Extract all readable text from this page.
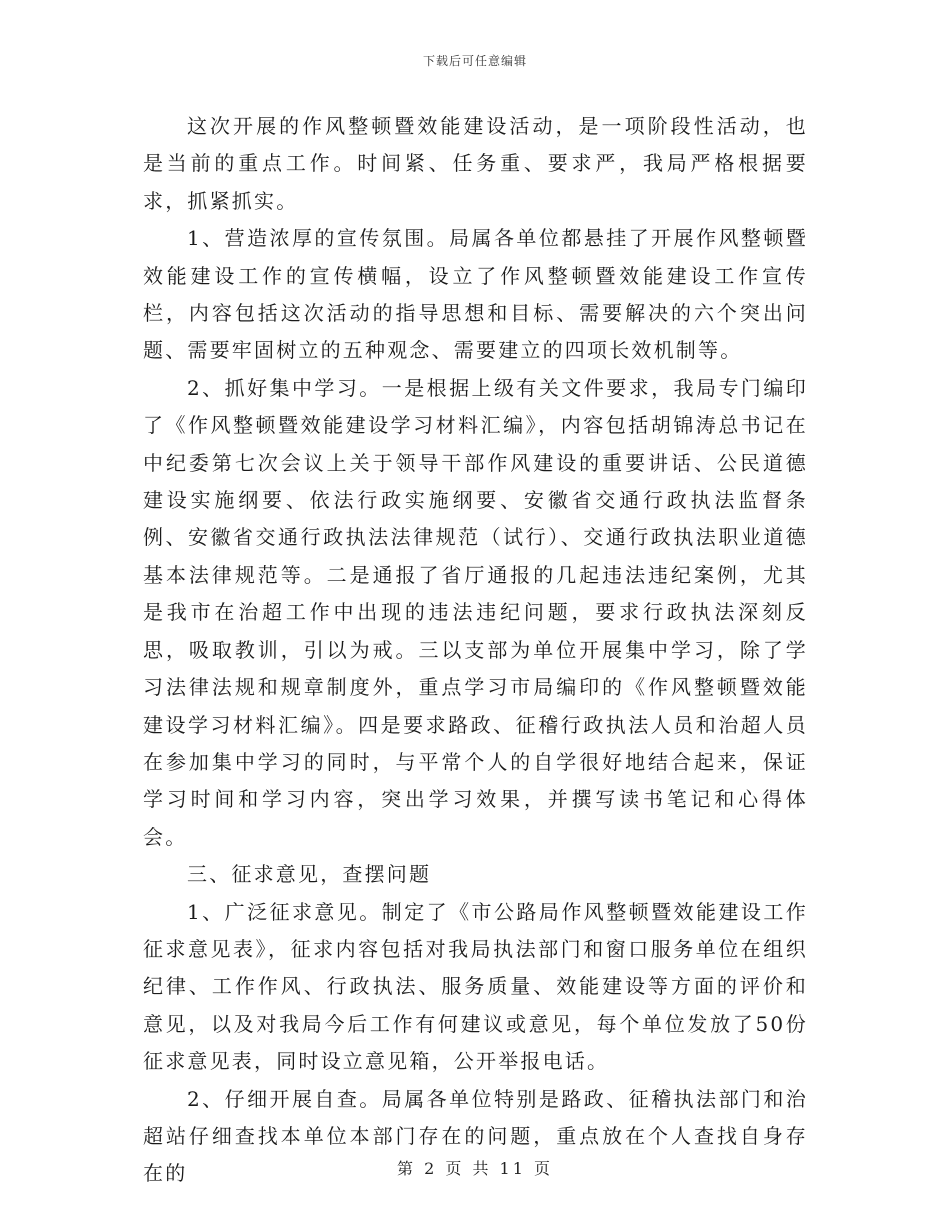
下载后可任意编辑

这次开展的作风整顿暨效能建设活动，是一项阶段性活动，也是当前的重点工作。时间紧、任务重、要求严，我局严格根据要求，抓紧抓实。

1、营造浓厚的宣传氛围。局属各单位都悬挂了开展作风整顿暨效能建设工作的宣传横幅，设立了作风整顿暨效能建设工作宣传栏，内容包括这次活动的指导思想和目标、需要解决的六个突出问题、需要牢固树立的五种观念、需要建立的四项长效机制等。

2、抓好集中学习。一是根据上级有关文件要求，我局专门编印了《作风整顿暨效能建设学习材料汇编》，内容包括胡锦涛总书记在中纪委第七次会议上关于领导干部作风建设的重要讲话、公民道德建设实施纲要、依法行政实施纲要、安徽省交通行政执法监督条例、安徽省交通行政执法法律规范（试行）、交通行政执法职业道德基本法律规范等。二是通报了省厅通报的几起违法违纪案例，尤其是我市在治超工作中出现的违法违纪问题，要求行政执法深刻反思，吸取教训，引以为戒。三以支部为单位开展集中学习，除了学习法律法规和规章制度外，重点学习市局编印的《作风整顿暨效能建设学习材料汇编》。四是要求路政、征稽行政执法人员和治超人员在参加集中学习的同时，与平常个人的自学很好地结合起来，保证学习时间和学习内容，突出学习效果，并撰写读书笔记和心得体会。

三、征求意见，查摆问题

1、广泛征求意见。制定了《市公路局作风整顿暨效能建设工作征求意见表》，征求内容包括对我局执法部门和窗口服务单位在组织纪律、工作作风、行政执法、服务质量、效能建设等方面的评价和意见，以及对我局今后工作有何建议或意见，每个单位发放了50份征求意见表，同时设立意见箱，公开举报电话。

2、仔细开展自查。局属各单位特别是路政、征稽执法部门和治超站仔细查找本单位本部门存在的问题，重点放在个人查找自身存在的	第 2 页 共 11 页
